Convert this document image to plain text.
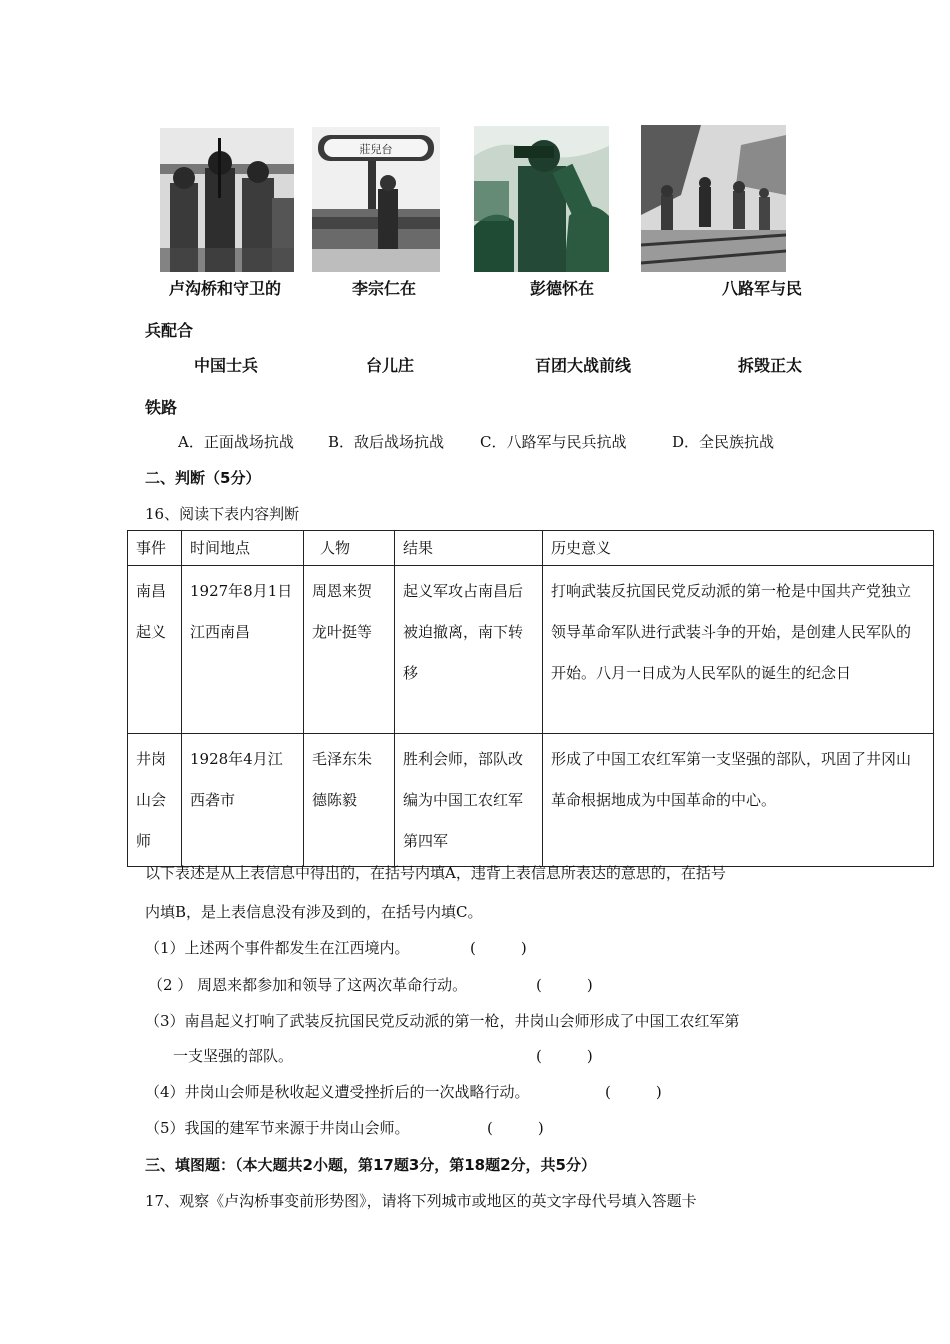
莊兒台
卢沟桥和守卫的	李宗仁在	彭德怀在	八路军与民
兵配合
中国士兵	台儿庄	百团大战前线	拆毁正太
铁路
A．正面战场抗战 B．敌后战场抗战 C．八路军与民兵抗战	D．全民族抗战
二、判断（5分）
16、阅读下表内容判断
事件	时间地点	人物	结果	历史意义
南昌起义	1927年8月1日江西南昌	周恩来贺龙叶挺等	起义军攻占南昌后被迫撤离，南下转移	打响武装反抗国民党反动派的第一枪是中国共产党独立领导革命军队进行武装斗争的开始，是创建人民军队的开始。八月一日成为人民军队的诞生的纪念日
井岗山会师	1928年4月江西砻市	毛泽东朱德陈毅	胜利会师，部队改编为中国工农红军第四军	形成了中国工农红军第一支坚强的部队，巩固了井冈山革命根据地成为中国革命的中心。
以下表述是从上表信息中得出的，在括号内填A，违背上表信息所表达的意思的，在括号
内填B，是上表信息没有涉及到的，在括号内填C。
（1）上述两个事件都发生在江西境内。	(　　　)
（2 ） 周恩来都参加和领导了这两次革命行动。	(　　　)
（3）南昌起义打响了武装反抗国民党反动派的第一枪，井岗山会师形成了中国工农红军第
一支坚强的部队。	(　　　)
（4）井岗山会师是秋收起义遭受挫折后的一次战略行动。	(　　　)
（5）我国的建军节来源于井岗山会师。	(　　　)
三、填图题：（本大题共2小题，第17题3分，第18题2分，共5分）
17、观察《卢沟桥事变前形势图》，请将下列城市或地区的英文字母代号填入答题卡
